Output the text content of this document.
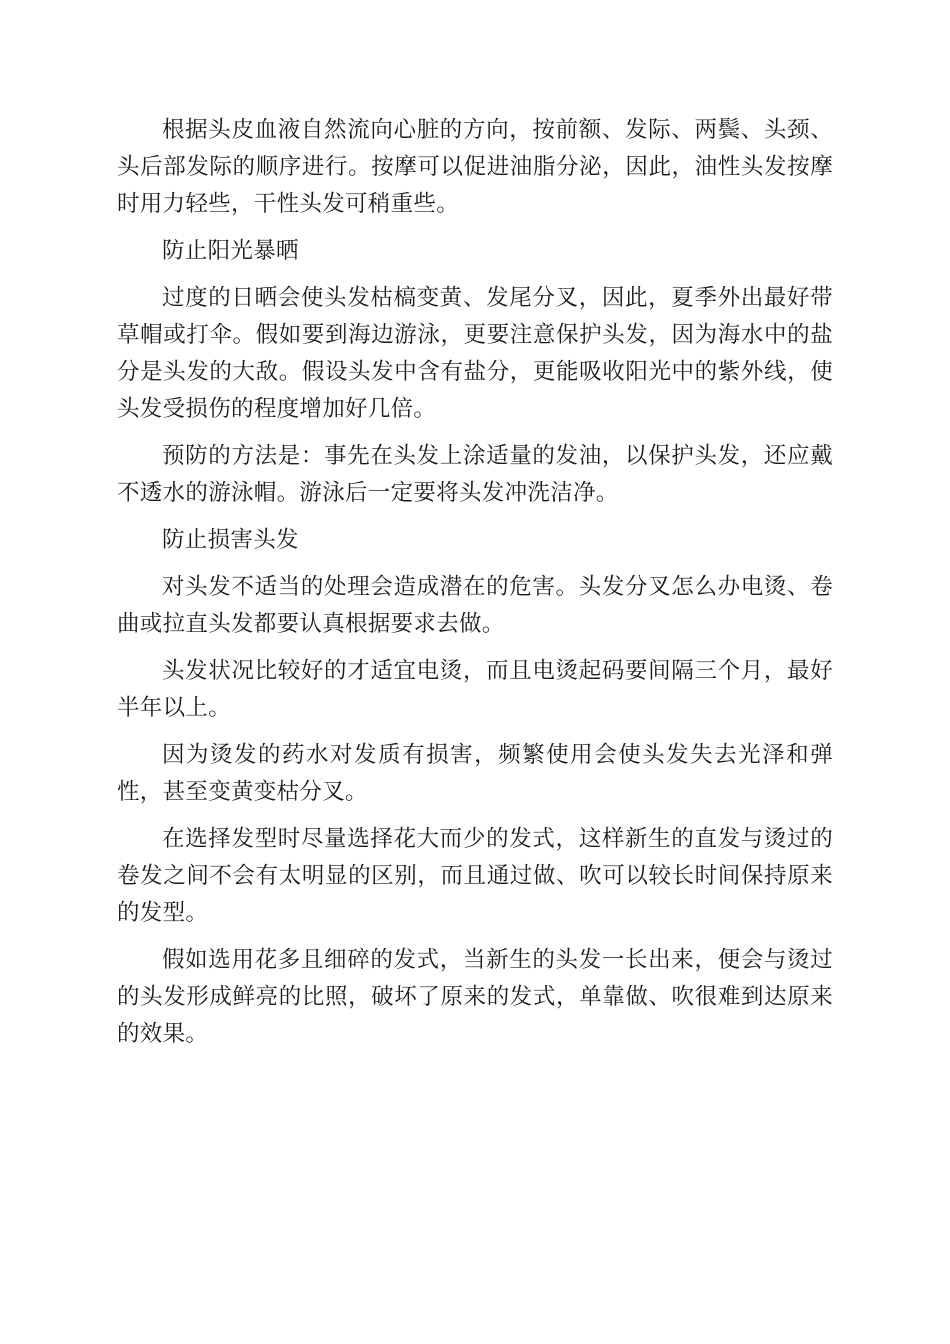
根据头皮血液自然流向心脏的方向，按前额、发际、两鬓、头颈、头后部发际的顺序进行。按摩可以促进油脂分泌，因此，油性头发按摩时用力轻些，干性头发可稍重些。

防止阳光暴晒

过度的日晒会使头发枯槁变黄、发尾分叉，因此，夏季外出最好带草帽或打伞。假如要到海边游泳，更要注意保护头发，因为海水中的盐分是头发的大敌。假设头发中含有盐分，更能吸收阳光中的紫外线，使头发受损伤的程度增加好几倍。

预防的方法是：事先在头发上涂适量的发油，以保护头发，还应戴不透水的游泳帽。游泳后一定要将头发冲洗洁净。

防止损害头发

对头发不适当的处理会造成潜在的危害。头发分叉怎么办电烫、卷曲或拉直头发都要认真根据要求去做。

头发状况比较好的才适宜电烫，而且电烫起码要间隔三个月，最好半年以上。

因为烫发的药水对发质有损害，频繁使用会使头发失去光泽和弹性，甚至变黄变枯分叉。

在选择发型时尽量选择花大而少的发式，这样新生的直发与烫过的卷发之间不会有太明显的区别，而且通过做、吹可以较长时间保持原来的发型。

假如选用花多且细碎的发式，当新生的头发一长出来，便会与烫过的头发形成鲜亮的比照，破坏了原来的发式，单靠做、吹很难到达原来的效果。
